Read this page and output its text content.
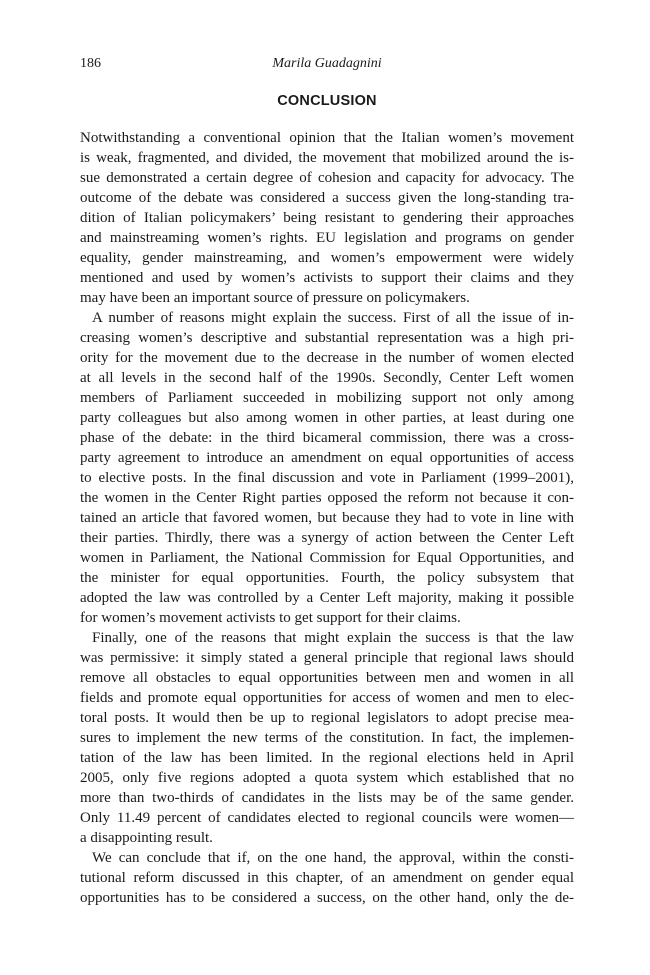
186	Marila Guadagnini
CONCLUSION
Notwithstanding a conventional opinion that the Italian women’s movement
is weak, fragmented, and divided, the movement that mobilized around the is-
sue demonstrated a certain degree of cohesion and capacity for advocacy. The
outcome of the debate was considered a success given the long-standing tra-
dition of Italian policymakers’ being resistant to gendering their approaches
and mainstreaming women’s rights. EU legislation and programs on gender
equality, gender mainstreaming, and women’s empowerment were widely
mentioned and used by women’s activists to support their claims and they
may have been an important source of pressure on policymakers.
A number of reasons might explain the success. First of all the issue of in-
creasing women’s descriptive and substantial representation was a high pri-
ority for the movement due to the decrease in the number of women elected
at all levels in the second half of the 1990s. Secondly, Center Left women
members of Parliament succeeded in mobilizing support not only among
party colleagues but also among women in other parties, at least during one
phase of the debate: in the third bicameral commission, there was a cross-
party agreement to introduce an amendment on equal opportunities of access
to elective posts. In the final discussion and vote in Parliament (1999–2001),
the women in the Center Right parties opposed the reform not because it con-
tained an article that favored women, but because they had to vote in line with
their parties. Thirdly, there was a synergy of action between the Center Left
women in Parliament, the National Commission for Equal Opportunities, and
the minister for equal opportunities. Fourth, the policy subsystem that
adopted the law was controlled by a Center Left majority, making it possible
for women’s movement activists to get support for their claims.
Finally, one of the reasons that might explain the success is that the law
was permissive: it simply stated a general principle that regional laws should
remove all obstacles to equal opportunities between men and women in all
fields and promote equal opportunities for access of women and men to elec-
toral posts. It would then be up to regional legislators to adopt precise mea-
sures to implement the new terms of the constitution. In fact, the implemen-
tation of the law has been limited. In the regional elections held in April
2005, only five regions adopted a quota system which established that no
more than two-thirds of candidates in the lists may be of the same gender.
Only 11.49 percent of candidates elected to regional councils were women—
a disappointing result.
We can conclude that if, on the one hand, the approval, within the consti-
tutional reform discussed in this chapter, of an amendment on gender equal
opportunities has to be considered a success, on the other hand, only the de-
